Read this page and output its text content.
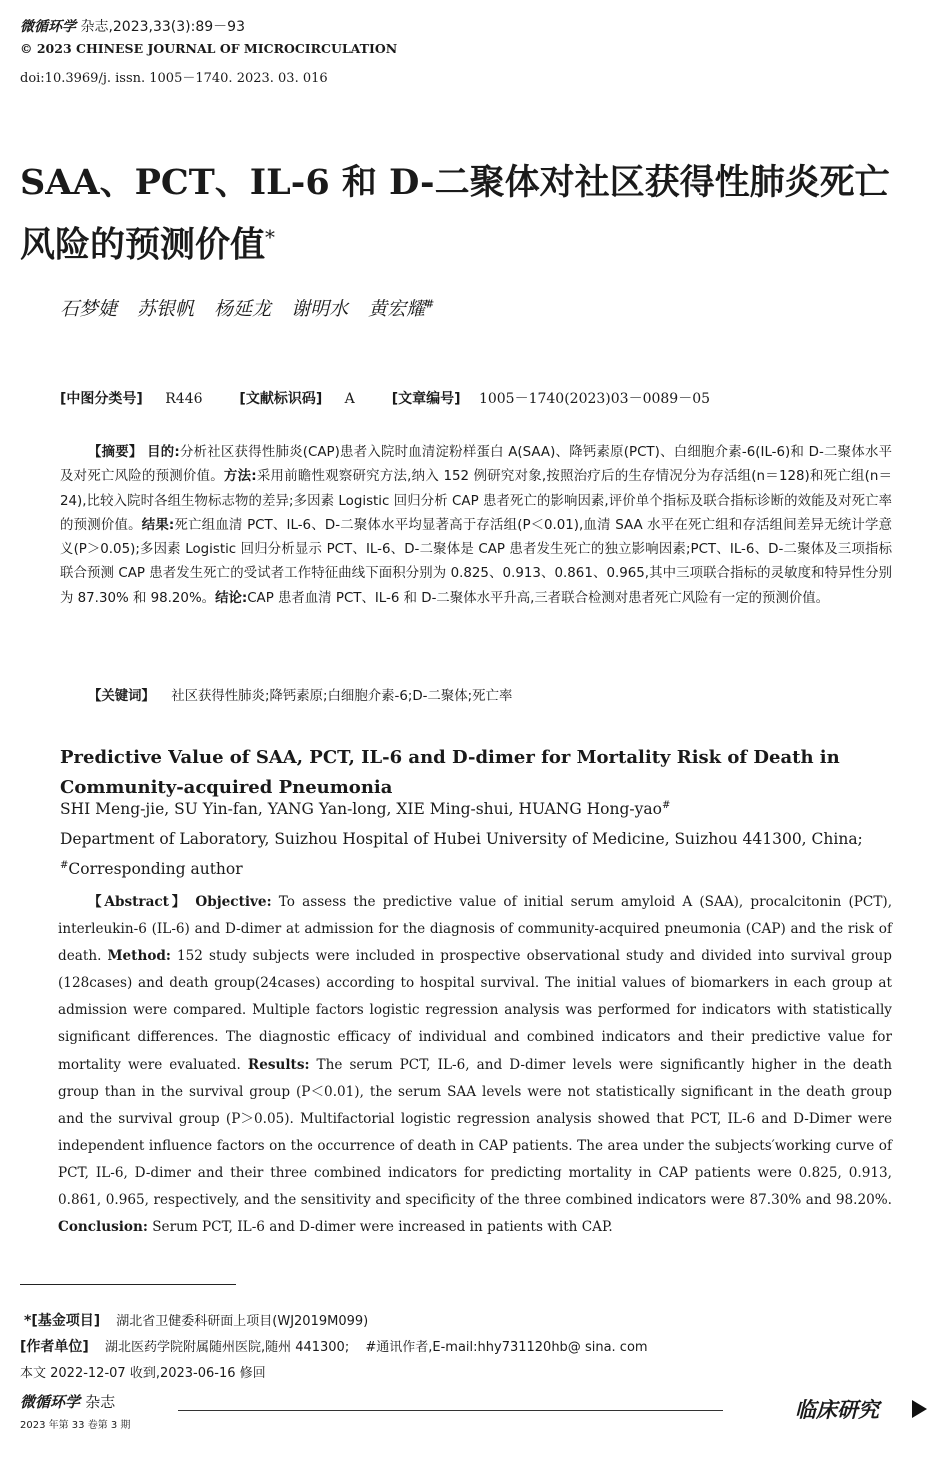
微循环学 杂志,2023,33(3):89－93
© 2023 CHINESE JOURNAL OF MICROCIRCULATION
doi:10.3969/j. issn. 1005－1740. 2023. 03. 016
SAA、PCT、IL-6 和 D-二聚体对社区获得性肺炎死亡
风险的预测价值*
石梦婕 苏银帆 杨延龙 谢明水 黄宏耀#
[中图分类号] R446	[文献标识码] A	[文章编号] 1005－1740(2023)03－0089－05
【摘要】 目的:分析社区获得性肺炎(CAP)患者入院时血清淀粉样蛋白 A(SAA)、降钙素原(PCT)、白细胞介素-6(IL-6)和 D-二聚体水平及对死亡风险的预测价值。方法:采用前瞻性观察研究方法,纳入 152 例研究对象,按照治疗后的生存情况分为存活组(n＝128)和死亡组(n＝24),比较入院时各组生物标志物的差异;多因素 Logistic 回归分析 CAP 患者死亡的影响因素,评价单个指标及联合指标诊断的效能及对死亡率的预测价值。结果:死亡组血清 PCT、IL-6、D-二聚体水平均显著高于存活组(P＜0.01),血清 SAA 水平在死亡组和存活组间差异无统计学意义(P＞0.05);多因素 Logistic 回归分析显示 PCT、IL-6、D-二聚体是 CAP 患者发生死亡的独立影响因素;PCT、IL-6、D-二聚体及三项指标联合预测 CAP 患者发生死亡的受试者工作特征曲线下面积分别为 0.825、0.913、0.861、0.965,其中三项联合指标的灵敏度和特异性分别为 87.30% 和 98.20%。结论:CAP 患者血清 PCT、IL-6 和 D-二聚体水平升高,三者联合检测对患者死亡风险有一定的预测价值。
【关键词】 社区获得性肺炎;降钙素原;白细胞介素-6;D-二聚体;死亡率
Predictive Value of SAA, PCT, IL-6 and D-dimer for Mortality Risk of Death in Community-acquired Pneumonia
SHI Meng-jie, SU Yin-fan, YANG Yan-long, XIE Ming-shui, HUANG Hong-yao#
Department of Laboratory, Suizhou Hospital of Hubei University of Medicine, Suizhou 441300, China;
#Corresponding author
【Abstract】 Objective: To assess the predictive value of initial serum amyloid A (SAA), procalcitonin (PCT), interleukin-6 (IL-6) and D-dimer at admission for the diagnosis of community-acquired pneumonia (CAP) and the risk of death. Method: 152 study subjects were included in prospective observational study and divided into survival group (128cases) and death group(24cases) according to hospital survival. The initial values of biomarkers in each group at admission were compared. Multiple factors logistic regression analysis was performed for indicators with statistically significant differences. The diagnostic efficacy of individual and combined indicators and their predictive value for mortality were evaluated. Results: The serum PCT, IL-6, and D-dimer levels were significantly higher in the death group than in the survival group (P＜0.01), the serum SAA levels were not statistically significant in the death group and the survival group (P＞0.05). Multifactorial logistic regression analysis showed that PCT, IL-6 and D-Dimer were independent influence factors on the occurrence of death in CAP patients. The area under the subjects′working curve of PCT, IL-6, D-dimer and their three combined indicators for predicting mortality in CAP patients were 0.825, 0.913, 0.861, 0.965, respectively, and the sensitivity and specificity of the three combined indicators were 87.30% and 98.20%. Conclusion: Serum PCT, IL-6 and D-dimer were increased in patients with CAP.
*[基金项目] 湖北省卫健委科研面上项目(WJ2019M099)
[作者单位] 湖北医药学院附属随州医院,随州 441300; #通讯作者,E-mail:hhy731120hb@ sina. com
本文 2022-12-07 收到,2023-06-16 修回
微循环学 杂志
2023 年第 33 卷第 3 期
临床研究
